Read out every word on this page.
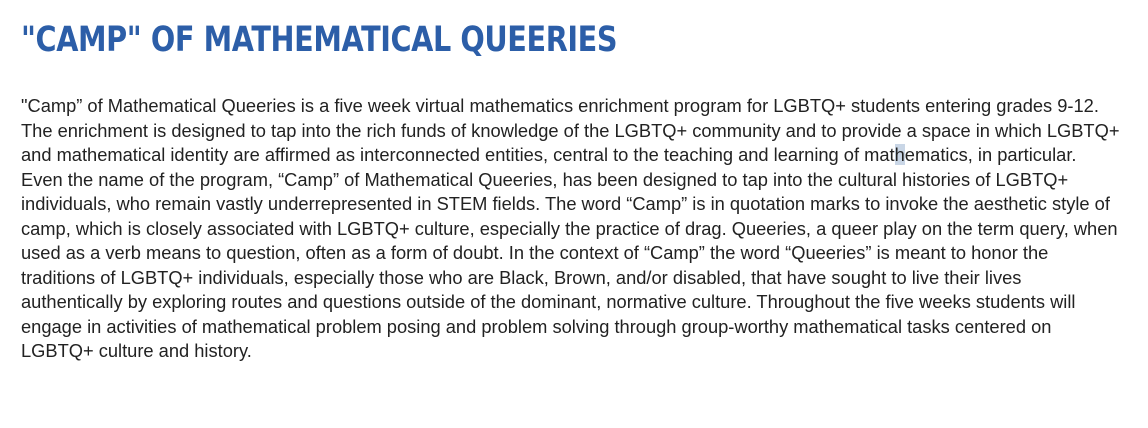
"CAMP" OF MATHEMATICAL QUEERIES

"Camp” of Mathematical Queeries is a five week virtual mathematics enrichment program for LGBTQ+ students entering grades 9-12. The enrichment is designed to tap into the rich funds of knowledge of the LGBTQ+ community and to provide a space in which LGBTQ+ and mathematical identity are affirmed as interconnected entities, central to the teaching and learning of mathematics, in particular. Even the name of the program, “Camp” of Mathematical Queeries, has been designed to tap into the cultural histories of LGBTQ+ individuals, who remain vastly underrepresented in STEM fields. The word “Camp” is in quotation marks to invoke the aesthetic style of camp, which is closely associated with LGBTQ+ culture, especially the practice of drag. Queeries, a queer play on the term query, when used as a verb means to question, often as a form of doubt. In the context of “Camp” the word “Queeries” is meant to honor the traditions of LGBTQ+ individuals, especially those who are Black, Brown, and/or disabled, that have sought to live their lives authentically by exploring routes and questions outside of the dominant, normative culture. Throughout the five weeks students will engage in activities of mathematical problem posing and problem solving through group-worthy mathematical tasks centered on LGBTQ+ culture and history.
